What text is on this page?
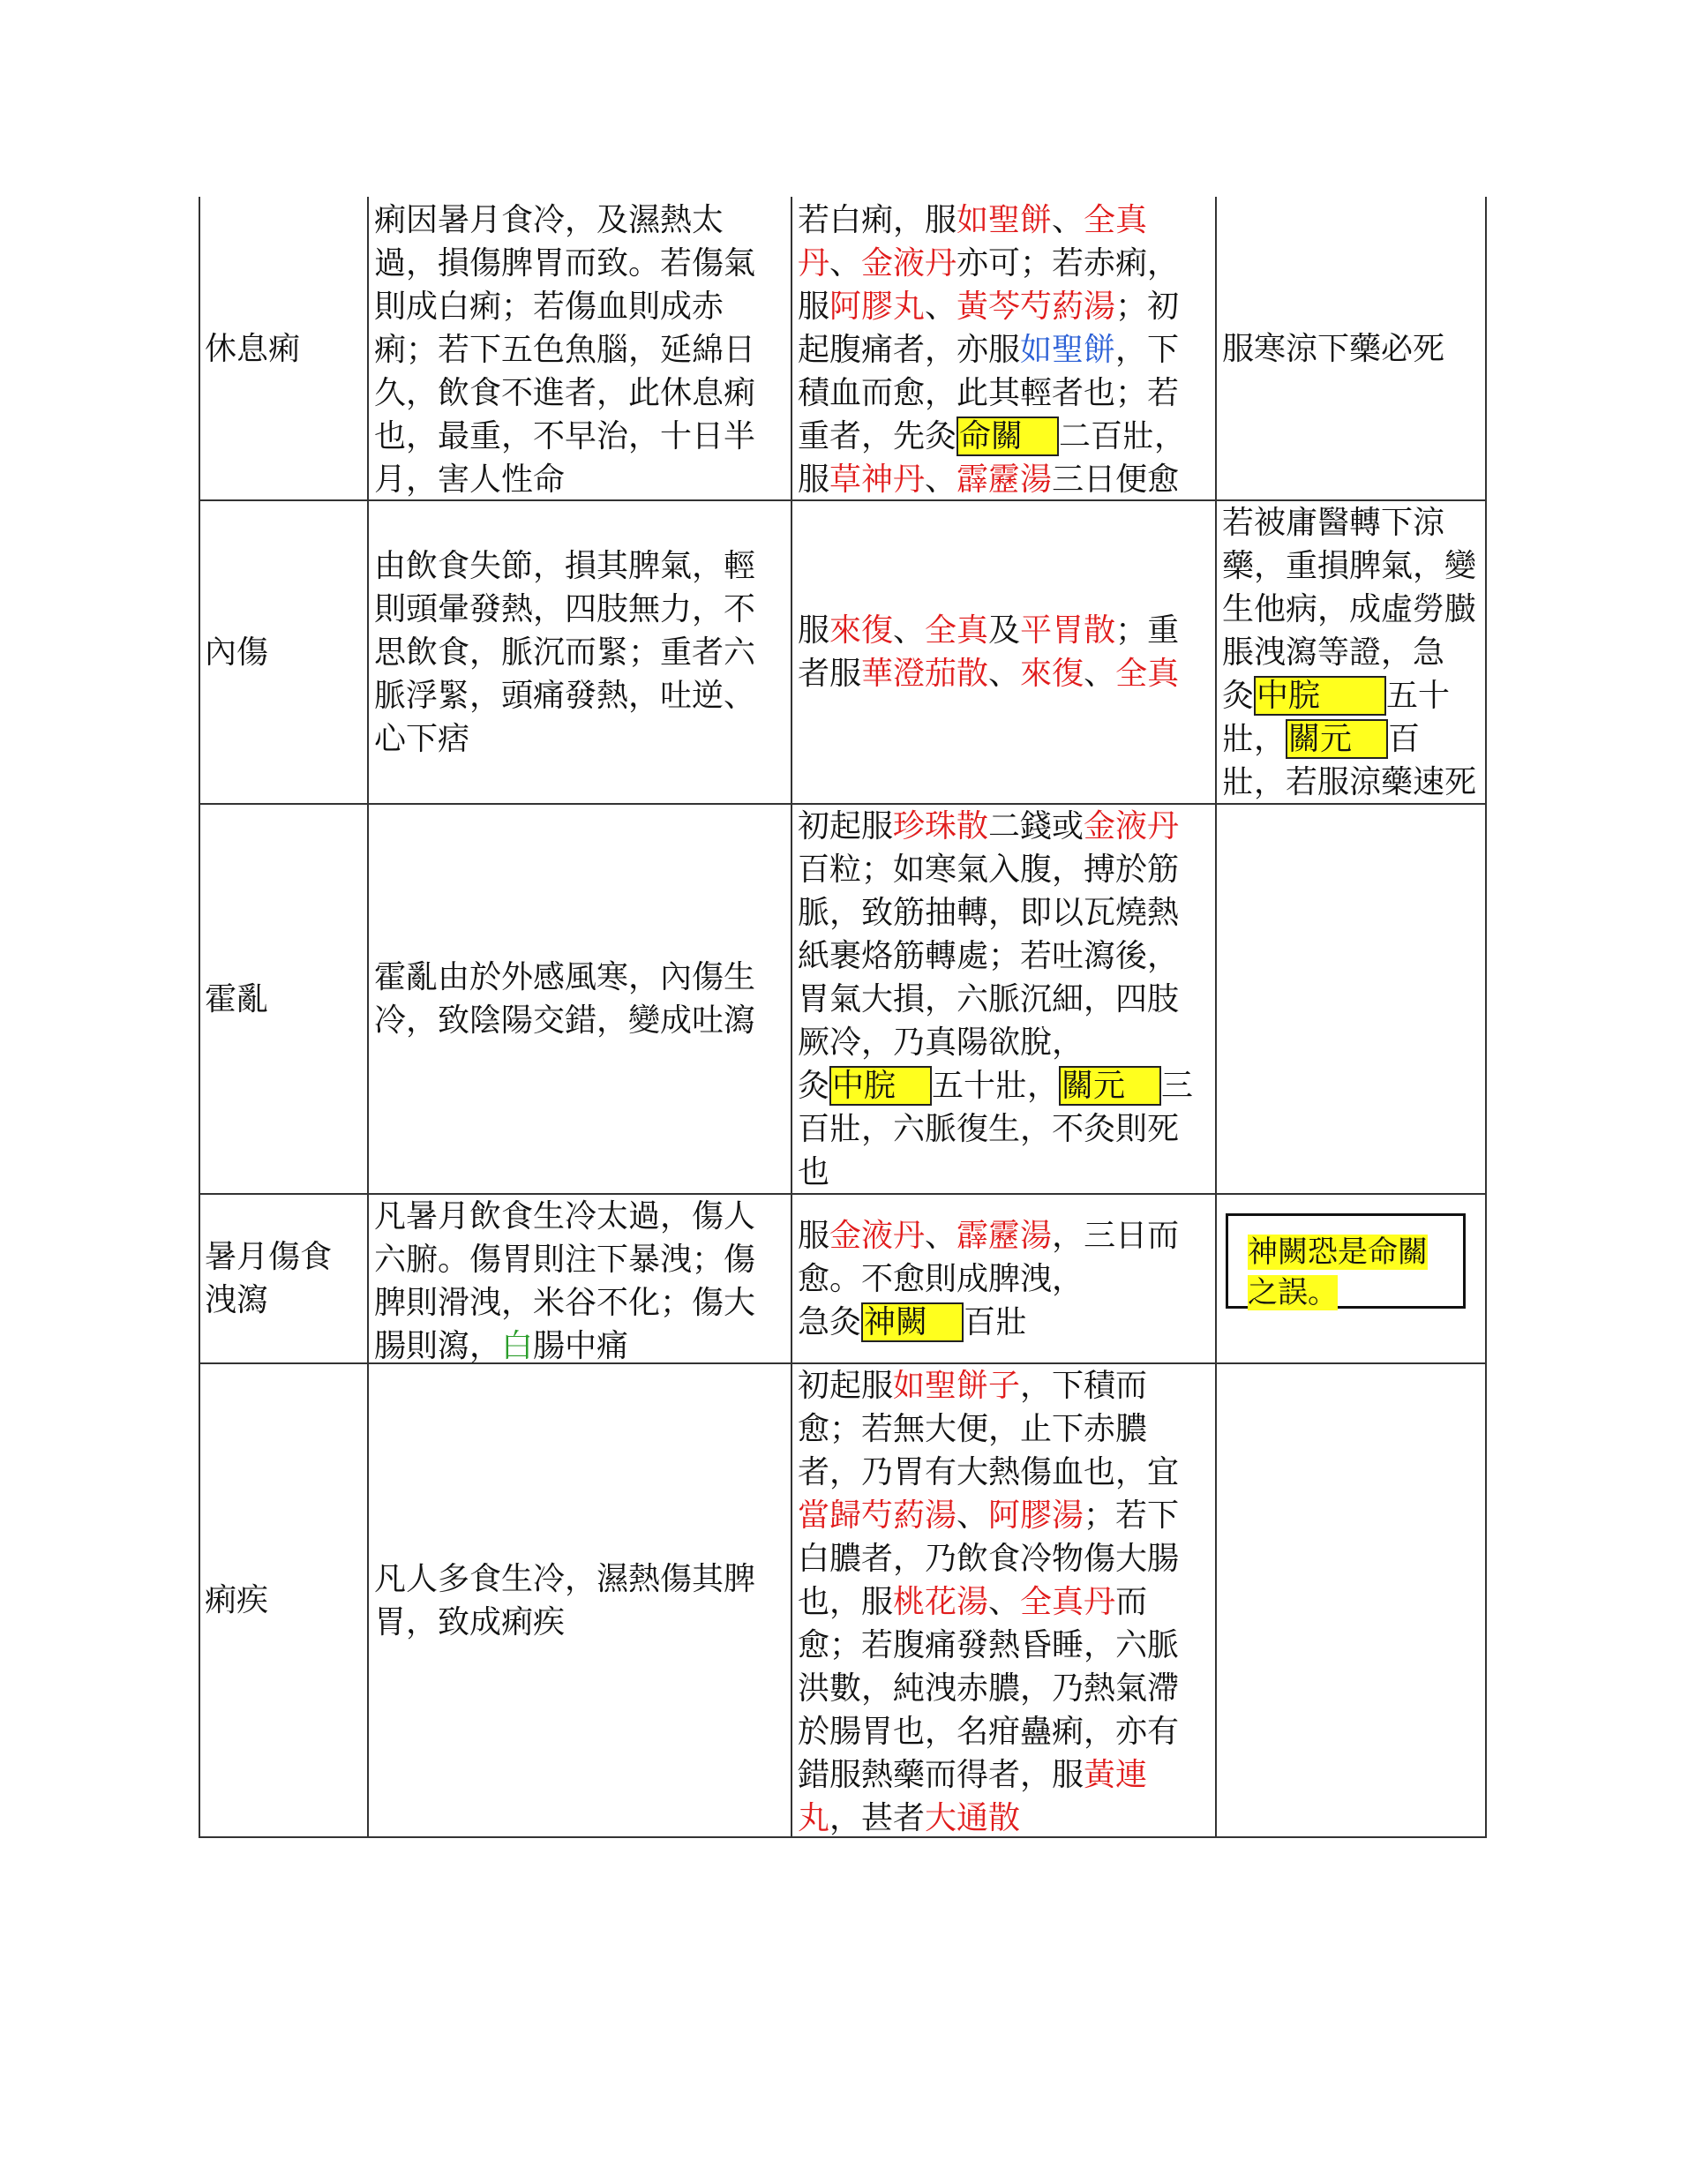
休息痢
痢因暑月食冷，及濕熱太
過，損傷脾胃而致。若傷氣
則成白痢；若傷血則成赤
痢；若下五色魚腦，延綿日
久，飲食不進者，此休息痢
也，最重，不早治，十日半
月，害人性命
若白痢，服如聖餅、全真
丹、金液丹亦可；若赤痢，
服阿膠丸、黃芩芍葯湯；初
起腹痛者，亦服如聖餅，下
積血而愈，此其輕者也；若
重者，先灸命關 二百壯，
服草神丹、霹靂湯三日便愈
服寒涼下藥必死
內傷
由飲食失節，損其脾氣，輕
則頭暈發熱，四肢無力，不
思飲食，脈沉而緊；重者六
脈浮緊，頭痛發熱，吐逆、
心下痞
服來復、全真及平胃散；重
者服華澄茄散、來復、全真
若被庸醫轉下涼
藥，重損脾氣，變
生他病，成虛勞臌
脹洩瀉等證，急
灸中脘 五十
壯，關元 百
壯，若服涼藥速死
霍亂
霍亂由於外感風寒，內傷生
冷，致陰陽交錯，變成吐瀉
初起服珍珠散二錢或金液丹
百粒；如寒氣入腹，搏於筋
脈，致筋抽轉，即以瓦燒熱
紙裹烙筋轉處；若吐瀉後，
胃氣大損，六脈沉細，四肢
厥冷，乃真陽欲脫，
灸中脘 五十壯，關元 三
百壯，六脈復生，不灸則死
也
暑月傷食
洩瀉
凡暑月飲食生冷太過，傷人
六腑。傷胃則注下暴洩；傷
脾則滑洩，米谷不化；傷大
腸則瀉，白腸中痛
服金液丹、霹靂湯，三日而
愈。不愈則成脾洩，
急灸神闕 百壯
痢疾
凡人多食生冷，濕熱傷其脾
胃，致成痢疾
初起服如聖餅子，下積而
愈；若無大便，止下赤膿
者，乃胃有大熱傷血也，宜
當歸芍葯湯、阿膠湯；若下
白膿者，乃飲食冷物傷大腸
也，服桃花湯、全真丹而
愈；若腹痛發熱昏睡，六脈
洪數，純洩赤膿，乃熱氣滯
於腸胃也，名疳蠱痢，亦有
錯服熱藥而得者，服黃連
丸，甚者大通散
神闕恐是命關
之誤。
